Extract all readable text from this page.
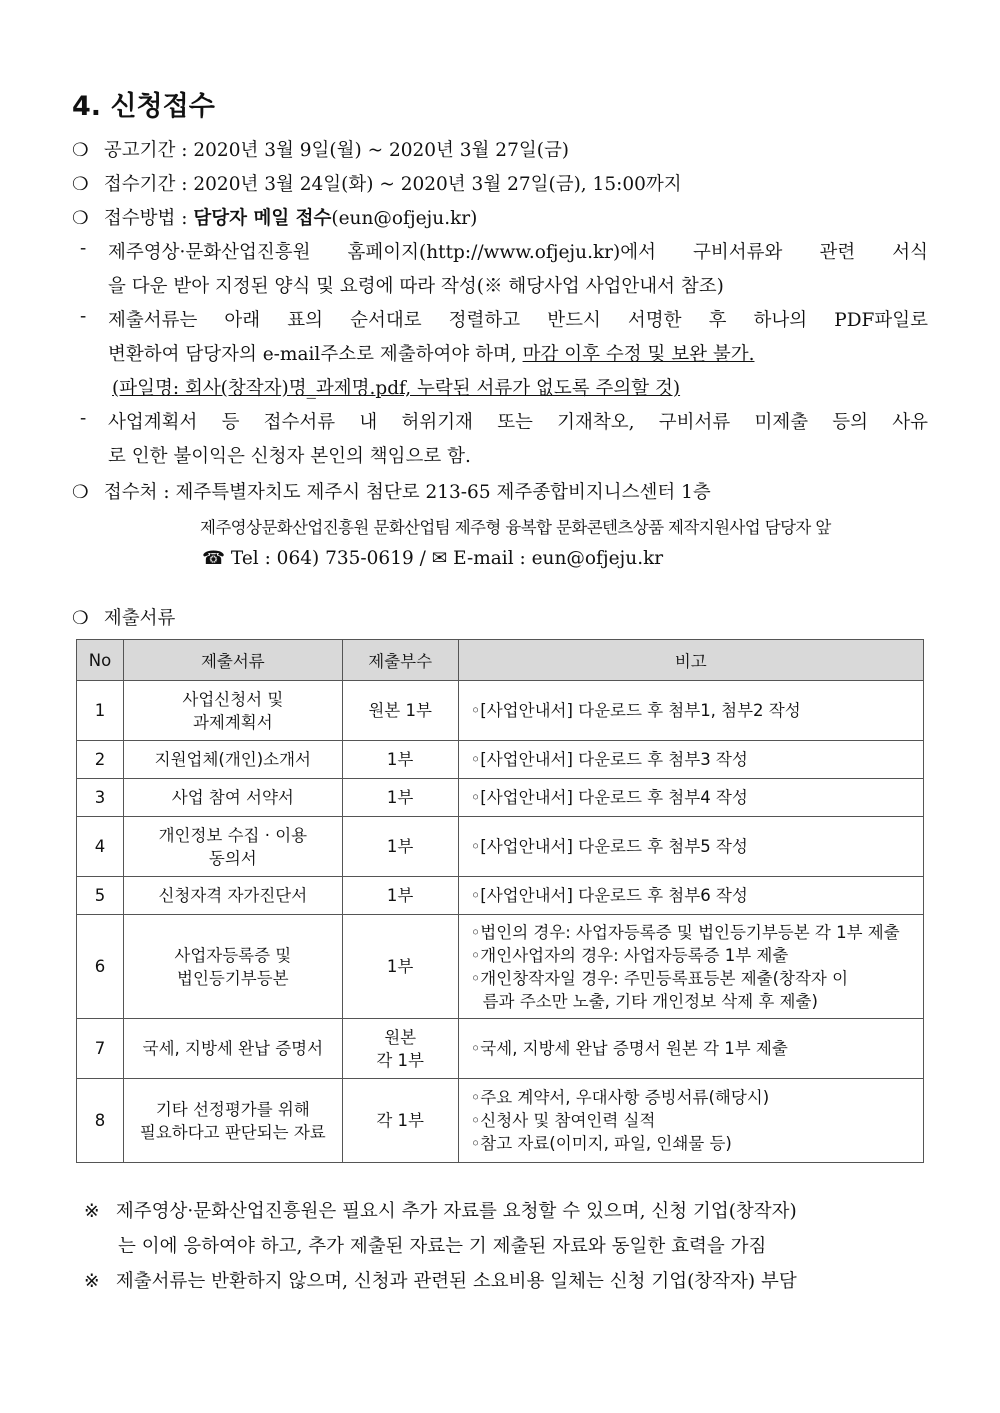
4. 신청접수
❍ 공고기간 : 2020년 3월 9일(월) ~ 2020년 3월 27일(금)
❍ 접수기간 : 2020년 3월 24일(화) ~ 2020년 3월 27일(금), 15:00까지
❍ 접수방법 : 담당자 메일 접수(eun@ofjeju.kr)
- 제주영상·문화산업진흥원 홈페이지(http://www.ofjeju.kr)에서 구비서류와 관련 서식
을 다운 받아 지정된 양식 및 요령에 따라 작성(※ 해당사업 사업안내서 참조)
- 제출서류는 아래 표의 순서대로 정렬하고 반드시 서명한 후 하나의 PDF파일로
변환하여 담당자의 e-mail주소로 제출하여야 하며, 마감 이후 수정 및 보완 불가.
(파일명: 회사(창작자)명_과제명.pdf, 누락된 서류가 없도록 주의할 것)
- 사업계획서 등 접수서류 내 허위기재 또는 기재착오, 구비서류 미제출 등의 사유
로 인한 불이익은 신청자 본인의 책임으로 함.
❍ 접수처 : 제주특별자치도 제주시 첨단로 213-65 제주종합비지니스센터 1층
제주영상문화산업진흥원 문화산업팀 제주형 융복합 문화콘텐츠상품 제작지원사업 담당자 앞
☎ Tel : 064) 735-0619 / ✉ E-mail : eun@ofjeju.kr
❍ 제출서류
No	제출서류	제출부수	비고
1	사업신청서 및
과제계획서	원본 1부	◦[사업안내서] 다운로드 후 첨부1, 첨부2 작성

2	지원업체(개인)소개서	1부	◦[사업안내서] 다운로드 후 첨부3 작성

3	사업 참여 서약서	1부	◦[사업안내서] 다운로드 후 첨부4 작성

4	개인정보 수집 · 이용
동의서	1부	◦[사업안내서] 다운로드 후 첨부5 작성

5	신청자격 자가진단서	1부	◦[사업안내서] 다운로드 후 첨부6 작성

6	사업자등록증 및
법인등기부등본	1부	◦법인의 경우: 사업자등록증 및 법인등기부등본 각 1부 제출
◦개인사업자의 경우: 사업자등록증 1부 제출
◦개인창작자일 경우: 주민등록표등본 제출(창작자 이
름과 주소만 노출, 기타 개인정보 삭제 후 제출)

7	국세, 지방세 완납 증명서	원본
각 1부	◦국세, 지방세 완납 증명서 원본 각 1부 제출

8	기타 선정평가를 위해
필요하다고 판단되는 자료	각 1부	◦주요 계약서, 우대사항 증빙서류(해당시)
◦신청사 및 참여인력 실적
◦참고 자료(이미지, 파일, 인쇄물 등)
※ 제주영상·문화산업진흥원은 필요시 추가 자료를 요청할 수 있으며, 신청 기업(창작자)
는 이에 응하여야 하고, 추가 제출된 자료는 기 제출된 자료와 동일한 효력을 가짐
※ 제출서류는 반환하지 않으며, 신청과 관련된 소요비용 일체는 신청 기업(창작자) 부담
